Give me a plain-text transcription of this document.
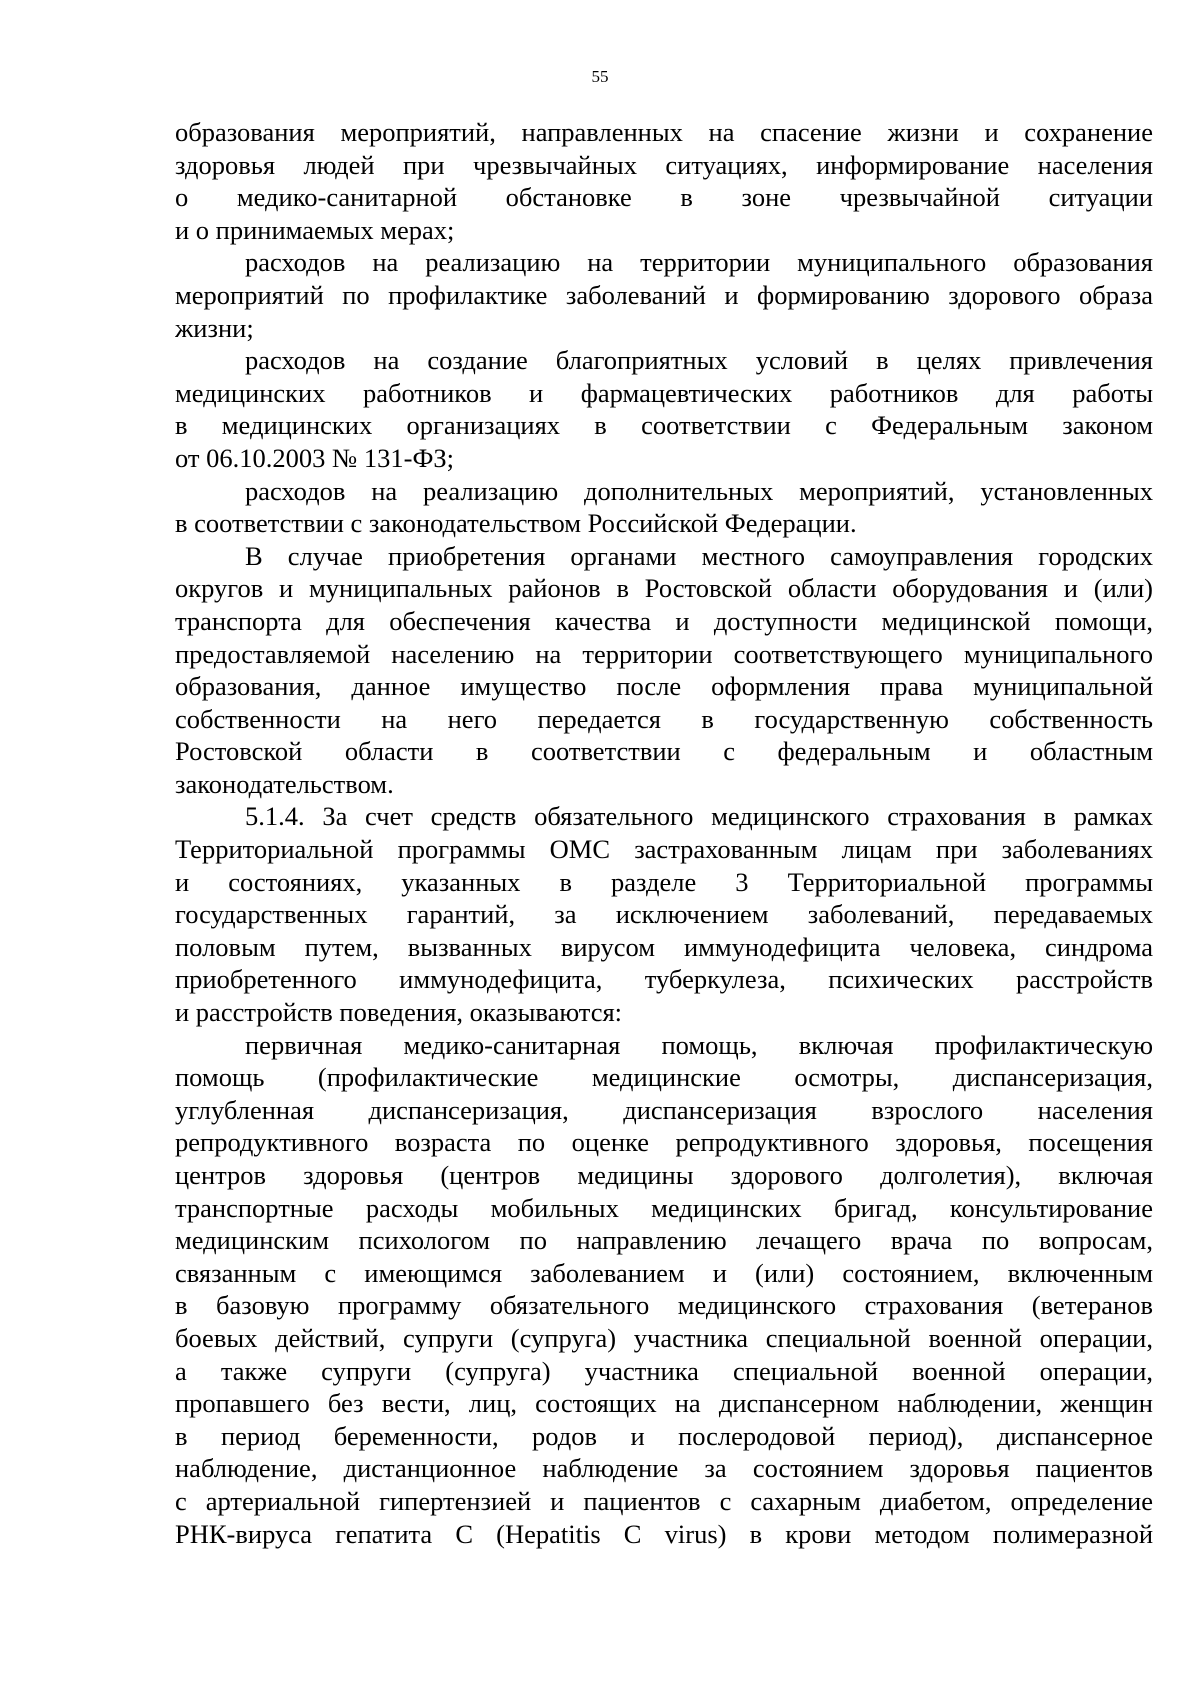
55
образования мероприятий, направленных на спасение жизни и сохранение
здоровья людей при чрезвычайных ситуациях, информирование населения
о медико-санитарной обстановке в зоне чрезвычайной ситуации
и о принимаемых мерах;
расходов на реализацию на территории муниципального образования
мероприятий по профилактике заболеваний и формированию здорового образа
жизни;
расходов на создание благоприятных условий в целях привлечения
медицинских работников и фармацевтических работников для работы
в медицинских организациях в соответствии с Федеральным законом
от 06.10.2003 № 131-ФЗ;
расходов на реализацию дополнительных мероприятий, установленных
в соответствии с законодательством Российской Федерации.
В случае приобретения органами местного самоуправления городских
округов и муниципальных районов в Ростовской области оборудования и (или)
транспорта для обеспечения качества и доступности медицинской помощи,
предоставляемой населению на территории соответствующего муниципального
образования, данное имущество после оформления права муниципальной
собственности на него передается в государственную собственность
Ростовской области в соответствии с федеральным и областным
законодательством.
5.1.4. За счет средств обязательного медицинского страхования в рамках
Территориальной программы ОМС застрахованным лицам при заболеваниях
и состояниях, указанных в разделе 3 Территориальной программы
государственных гарантий, за исключением заболеваний, передаваемых
половым путем, вызванных вирусом иммунодефицита человека, синдрома
приобретенного иммунодефицита, туберкулеза, психических расстройств
и расстройств поведения, оказываются:
первичная медико-санитарная помощь, включая профилактическую
помощь (профилактические медицинские осмотры, диспансеризация,
углубленная диспансеризация, диспансеризация взрослого населения
репродуктивного возраста по оценке репродуктивного здоровья, посещения
центров здоровья (центров медицины здорового долголетия), включая
транспортные расходы мобильных медицинских бригад, консультирование
медицинским психологом по направлению лечащего врача по вопросам,
связанным с имеющимся заболеванием и (или) состоянием, включенным
в базовую программу обязательного медицинского страхования (ветеранов
боевых действий, супруги (супруга) участника специальной военной операции,
а также супруги (супруга) участника специальной военной операции,
пропавшего без вести, лиц, состоящих на диспансерном наблюдении, женщин
в период беременности, родов и послеродовой период), диспансерное
наблюдение, дистанционное наблюдение за состоянием здоровья пациентов
с артериальной гипертензией и пациентов с сахарным диабетом, определение
РНК-вируса гепатита C (Hepatitis C virus) в крови методом полимеразной
